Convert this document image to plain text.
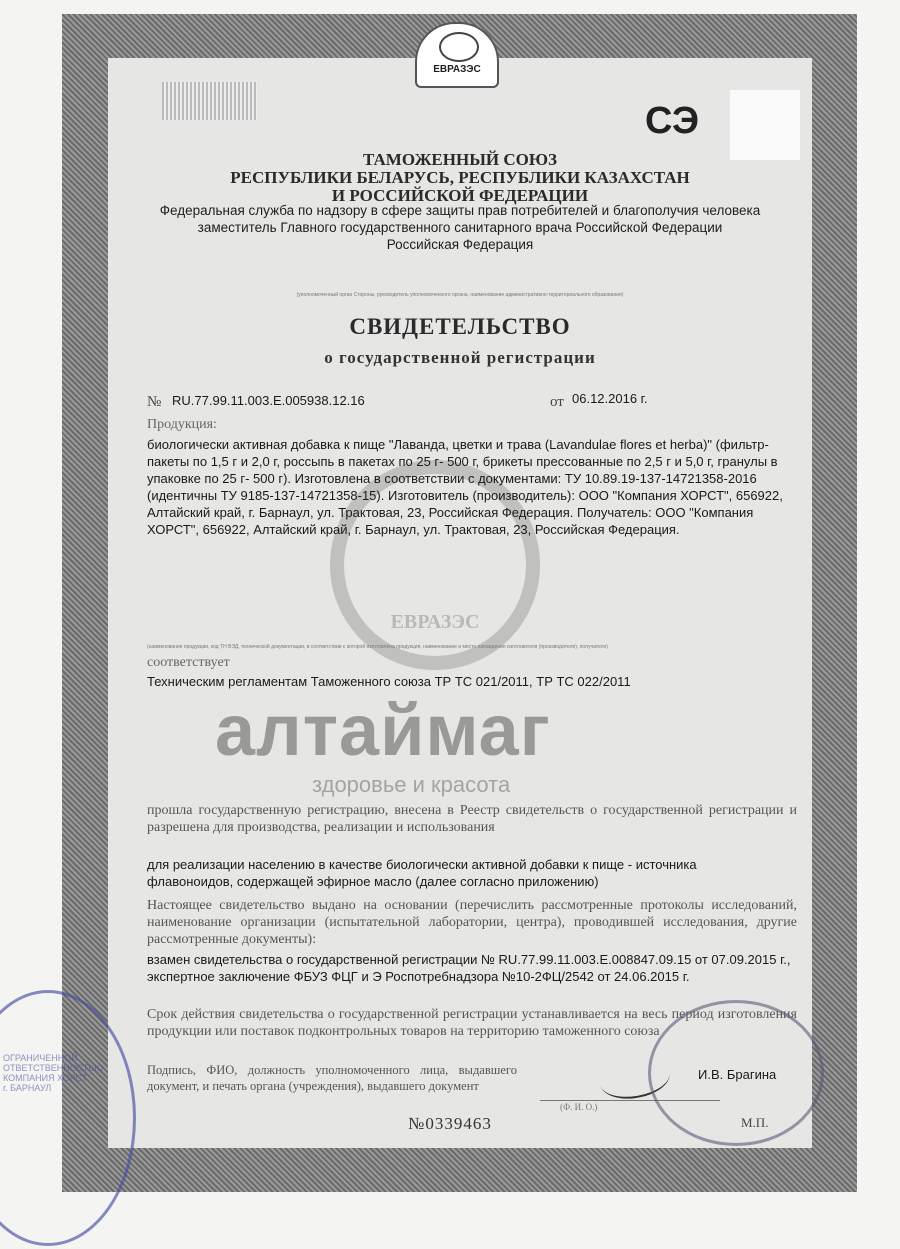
ЕВРАЗЭС
СЭ
ЕВРАЗЭС
ТАМОЖЕННЫЙ СОЮЗ
РЕСПУБЛИКИ БЕЛАРУСЬ, РЕСПУБЛИКИ КАЗАХСТАН
И РОССИЙСКОЙ ФЕДЕРАЦИИ
Федеральная служба по надзору в сфере защиты прав потребителей и благополучия человека
заместитель Главного государственного санитарного врача Российской Федерации
Российская Федерация
(уполномоченный орган Стороны, руководитель уполномоченного органа, наименование административно-территориального образования)
СВИДЕТЕЛЬСТВО
о государственной регистрации
№ RU.77.99.11.003.Е.005938.12.16	от 06.12.2016 г.
Продукция:
биологически активная добавка к пище "Лаванда, цветки и трава (Lavandulae flores et herba)" (фильтр-пакеты по 1,5 г и 2,0 г, россыпь в пакетах по 25 г- 500 г, брикеты прессованные по 2,5 г и 5,0 г, гранулы в упаковке по 25 г- 500 г). Изготовлена в соответствии с документами: ТУ 10.89.19-137-14721358-2016 (идентичны ТУ 9185-137-14721358-15). Изготовитель (производитель): ООО "Компания ХОРСТ", 656922, Алтайский край, г. Барнаул, ул. Трактовая, 23, Российская Федерация. Получатель: ООО "Компания ХОРСТ", 656922, Алтайский край, г. Барнаул, ул. Трактовая, 23, Российская Федерация.
(наименование продукции, код ТН ВЭД, технической документации, в соответствии с которой изготовлена продукция, наименование и место нахождения изготовителя (производителя), получателя)
соответствует
Техническим регламентам Таможенного союза ТР ТС 021/2011, ТР ТС 022/2011
алтаймаг
здоровье и красота
прошла государственную регистрацию, внесена в Реестр свидетельств о государственной регистрации и разрешена для производства, реализации и использования
для реализации населению в качестве биологически активной добавки к пище - источника флавоноидов, содержащей эфирное масло (далее согласно приложению)
Настоящее свидетельство выдано на основании (перечислить рассмотренные протоколы исследований, наименование организации (испытательной лаборатории, центра), проводившей исследования, другие рассмотренные документы):
взамен свидетельства о государственной регистрации № RU.77.99.11.003.Е.008847.09.15 от 07.09.2015 г., экспертное заключение ФБУЗ ФЦГ и Э Роспотребнадзора №10-2ФЦ/2542 от 24.06.2015 г.
Срок действия свидетельства о государственной регистрации устанавливается на весь период изготовления продукции или поставок подконтрольных товаров на территорию таможенного союза
Подпись, ФИО, должность уполномоченного лица, выдавшего документ, и печать органа (учреждения), выдавшего документ
И.В. Брагина
(Ф. И. О.)
М.П.
№0339463
ОГРАНИЧЕННОЙ ОТВЕТСТВЕННОСТЬЮ КОМПАНИЯ ХОРСТ г. БАРНАУЛ
